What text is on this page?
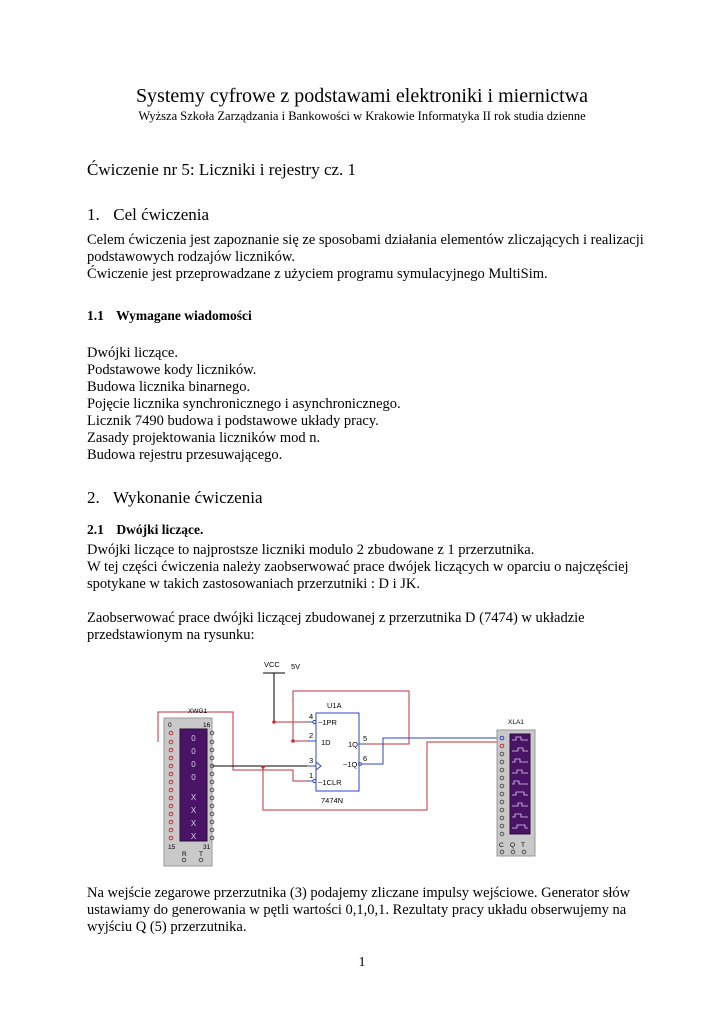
Systemy cyfrowe z podstawami elektroniki i miernictwa
Wyższa Szkoła Zarządzania i Bankowości w Krakowie Informatyka II rok studia dzienne
Ćwiczenie nr 5: Liczniki i rejestry cz. 1
1. Cel ćwiczenia

Celem ćwiczenia jest zapoznanie się ze sposobami działania elementów zliczających i realizacji podstawowych rodzajów liczników.

Ćwiczenie jest przeprowadzane z użyciem programu symulacyjnego MultiSim.

1.1 Wymagane wiadomości

Dwójki liczące.

Podstawowe kody liczników.

Budowa licznika binarnego.

Pojęcie licznika synchronicznego i asynchronicznego.

Licznik 7490 budowa i podstawowe układy pracy.

Zasady projektowania liczników mod n.

Budowa rejestru przesuwającego.

2. Wykonanie ćwiczenia
2.1 Dwójki liczące.

Dwójki liczące to najprostsze liczniki modulo 2 zbudowane z 1 przerzutnika.

W tej części ćwiczenia należy zaobserwować prace dwójek liczących w oparciu o najczęściej spotykane w takich zastosowaniach przerzutniki : D i JK.

Zaobserwować prace dwójki liczącej zbudowanej z przerzutnika D (7474) w układzie przedstawionym na rysunku:

VCC 5V
U1A
7474N
4
~1PR
2
1D
3
1
~1CLR
5
1Q
6
~1Q
XWG1
0	16
15	31
R T
0
0
0
0
X
X
X
X
XLA1
C Q T

Na wejście zegarowe przerzutnika (3) podajemy zliczane impulsy wejściowe. Generator słów ustawiamy do generowania w pętli wartości 0,1,0,1. Rezultaty pracy układu obserwujemy na wyjściu Q (5) przerzutnika.

1
